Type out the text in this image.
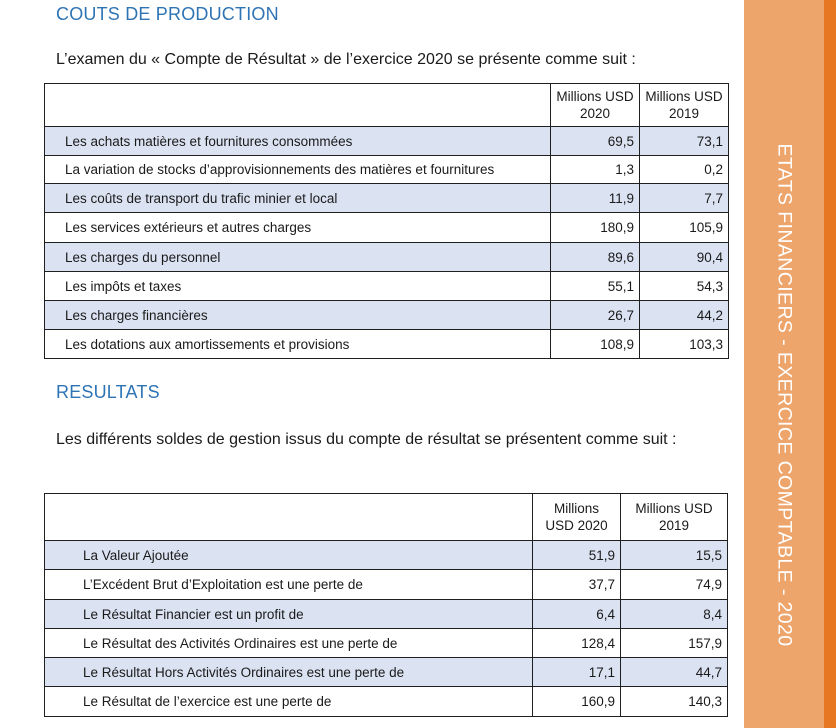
ETATS FINANCIERS - EXERCICE COMPTABLE - 2020
COUTS DE PRODUCTION
L’examen du « Compte de Résultat » de l’exercice 2020 se présente comme suit :
	Millions USD 2020	Millions USD 2019
Les achats matières et fournitures consommées	69,5	73,1
La variation de stocks d’approvisionnements des matières et fournitures	1,3	0,2
Les coûts de transport du trafic minier et local	11,9	7,7
Les services extérieurs et autres charges	180,9	105,9
Les charges du personnel	89,6	90,4
Les impôts et taxes	55,1	54,3
Les charges financières	26,7	44,2
Les dotations aux amortissements et provisions	108,9	103,3
RESULTATS
Les différents soldes de gestion issus du compte de résultat se présentent comme suit :
	Millions USD 2020	Millions USD 2019
La Valeur Ajoutée	51,9	15,5
L’Excédent Brut d’Exploitation est une perte de	37,7	74,9
Le Résultat Financier est un profit de	6,4	8,4
Le Résultat des Activités Ordinaires est une perte de	128,4	157,9
Le Résultat Hors Activités Ordinaires est une perte de	17,1	44,7
Le Résultat de l’exercice est une perte de	160,9	140,3
